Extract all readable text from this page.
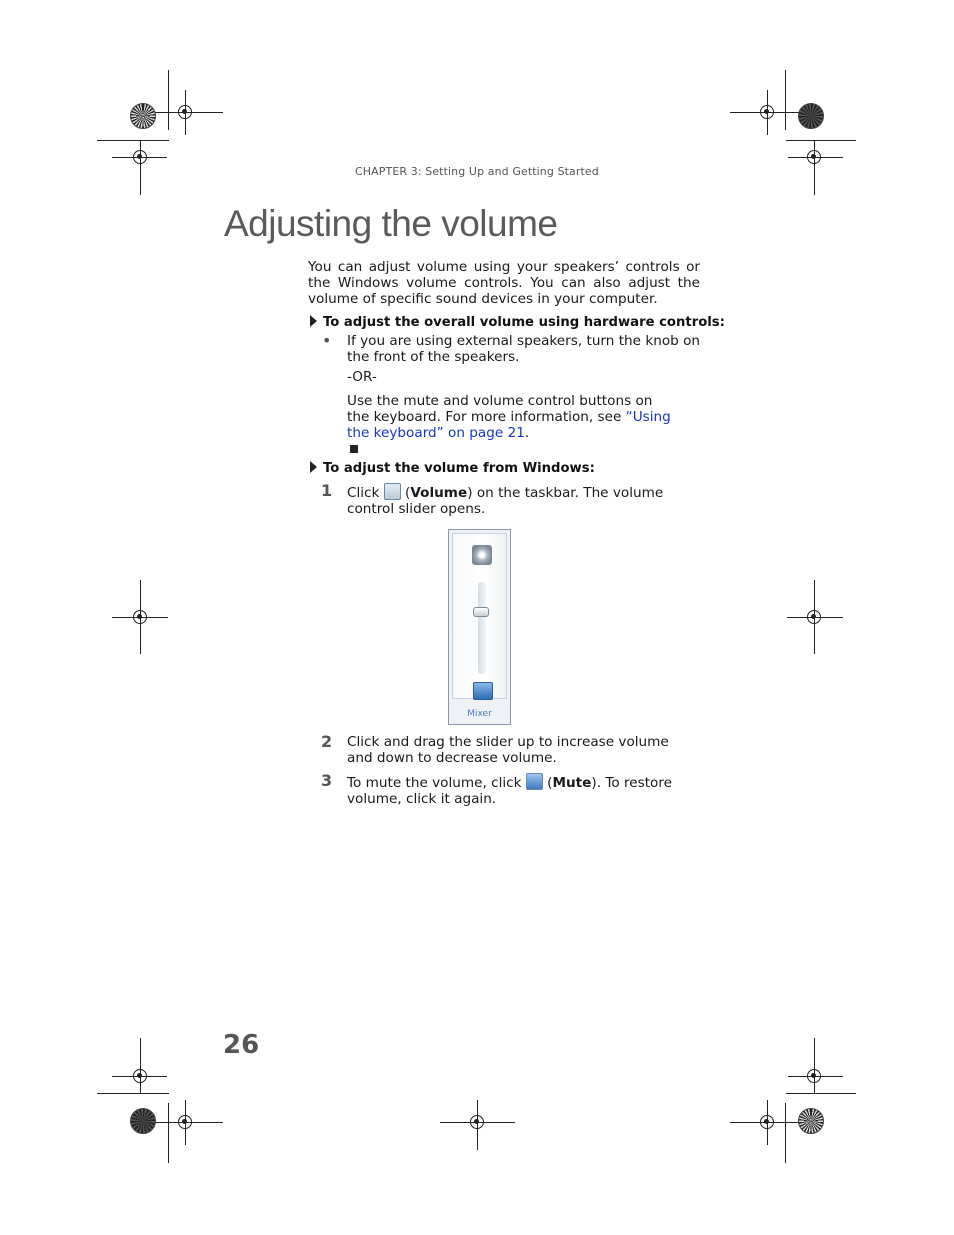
CHAPTER 3: Setting Up and Getting Started
Adjusting the volume
You can adjust volume using your speakers’ controls or the Windows volume controls. You can also adjust the volume of specific sound devices in your computer.
To adjust the overall volume using hardware controls:
• If you are using external speakers, turn the knob on the front of the speakers.
-OR-
Use the mute and volume control buttons on the keyboard. For more information, see “Using the keyboard” on page 21.
To adjust the volume from Windows:
1 Click  (Volume) on the taskbar. The volume control slider opens.
Mixer
2 Click and drag the slider up to increase volume and down to decrease volume.
3 To mute the volume, click  (Mute). To restore volume, click it again.
26
